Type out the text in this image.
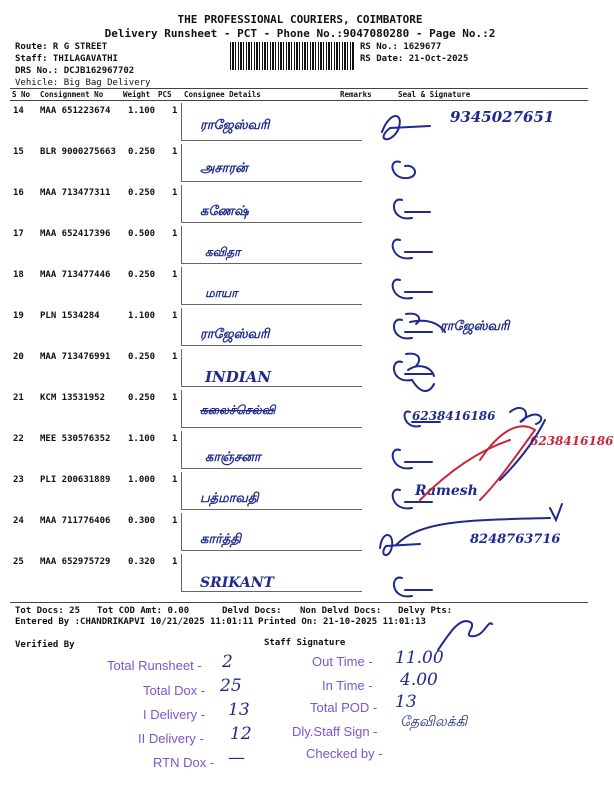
THE PROFESSIONAL COURIERS, COIMBATORE
Delivery Runsheet - PCT - Phone No.:9047080280 - Page No.:2
Route: R G STREET
Staff: THILAGAVATHI
DRS No.: DCJB162967702
Vehicle: Big Bag Delivery
RS No.: 1629677
RS Date: 21-Oct-2025
S No Consignment No	Weight PCS Consignee Details	Remarks	Seal & Signature
14 MAA 651223674 1.100 1
ராஜேஸ்வரி	9345027651
15 BLR 9000275663 0.250 1
அசாரன்
16 MAA 713477311 0.250 1
கணேஷ்
17 MAA 652417396 0.500 1
கவிதா
18 MAA 713477446 0.250 1
மாயா
19 PLN 1534284	1.100 1
ராஜேஸ்வரி
ராஜேஸ்வரி
20 MAA 713476991 0.250 1
INDIAN
21 KCM 13531952	0.250 1
கலைச்செல்வி	6238416186
22 MEE 530576352 1.100 1
காஞ்சனா
6238416186
23 PLI 200631889 1.000 1
பத்மாவதி	Ramesh
24 MAA 711776406 0.300 1
கார்த்தி	8248763716
25 MAA 652975729 0.320 1
SRIKANT
Tot Docs: 25 Tot COD Amt: 0.00	Delvd Docs: Non Delvd Docs: Delvy Pts:
Entered By :CHANDRIKAPVI 10/21/2025 11:01:11 Printed On: 21-10-2025 11:01:13
Verified By	Staff Signature
Total Runsheet - 2
Total Dox - 25
I Delivery - 13
II Delivery - 12
RTN Dox - —
Out Time - 11.00
In Time - 4.00
Total POD - 13
Dly.Staff Sign -
தேவிலக்கி
Checked by -
